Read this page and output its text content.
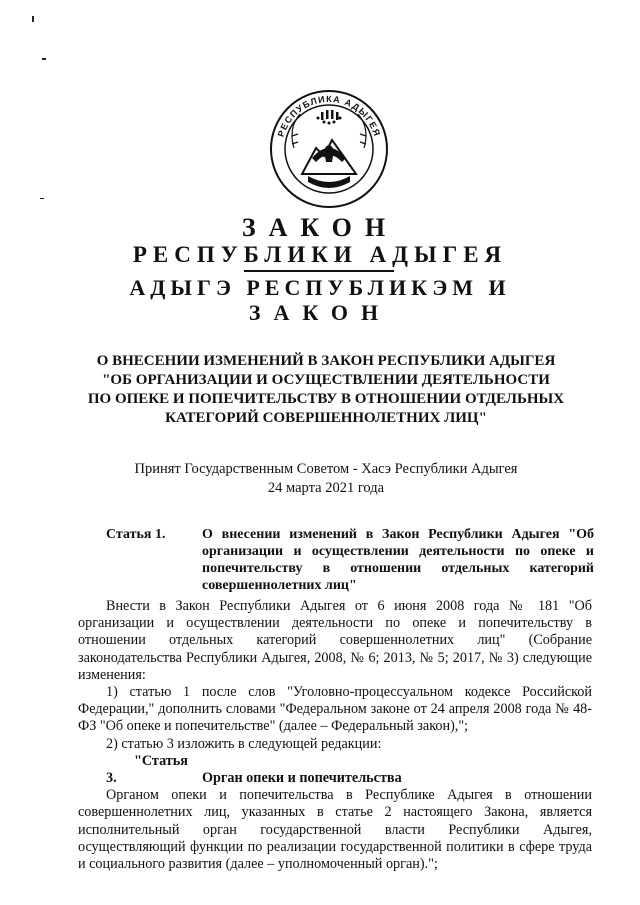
РЕСПУБЛИКА АДЫГЕЯ
ЗАКОН
РЕСПУБЛИКИ АДЫГЕЯ
АДЫГЭ РЕСПУБЛИКЭМ И
ЗАКОН
О ВНЕСЕНИИ ИЗМЕНЕНИЙ В ЗАКОН РЕСПУБЛИКИ АДЫГЕЯ
"ОБ ОРГАНИЗАЦИИ И ОСУЩЕСТВЛЕНИИ ДЕЯТЕЛЬНОСТИ
ПО ОПЕКЕ И ПОПЕЧИТЕЛЬСТВУ В ОТНОШЕНИИ ОТДЕЛЬНЫХ
КАТЕГОРИЙ СОВЕРШЕННОЛЕТНИХ ЛИЦ"
Принят Государственным Советом - Хасэ Республики Адыгея
24 марта 2021 года
Статья 1.	О внесении изменений в Закон Республики Адыгея "Об организации и осуществлении деятельности по опеке и попечительству в отношении отдельных категорий совершеннолетних лиц"

Внести в Закон Республики Адыгея от 6 июня 2008 года № 181 "Об организации и осуществлении деятельности по опеке и попечительству в отношении отдельных категорий совершеннолетних лиц" (Собрание законодательства Республики Адыгея, 2008, № 6; 2013, № 5; 2017, № 3) следующие изменения:

1) статью 1 после слов "Уголовно-процессуальном кодексе Российской Федерации," дополнить словами "Федеральном законе от 24 апреля 2008 года № 48-ФЗ "Об опеке и попечительстве" (далее – Федеральный закон),";

2) статью 3 изложить в следующей редакции:

"Статья 3.	Орган опеки и попечительства

Органом опеки и попечительства в Республике Адыгея в отношении совершеннолетних лиц, указанных в статье 2 настоящего Закона, является исполнительный орган государственной власти Республики Адыгея, осуществляющий функции по реализации государственной политики в сфере труда и социального развития (далее – уполномоченный орган).";
